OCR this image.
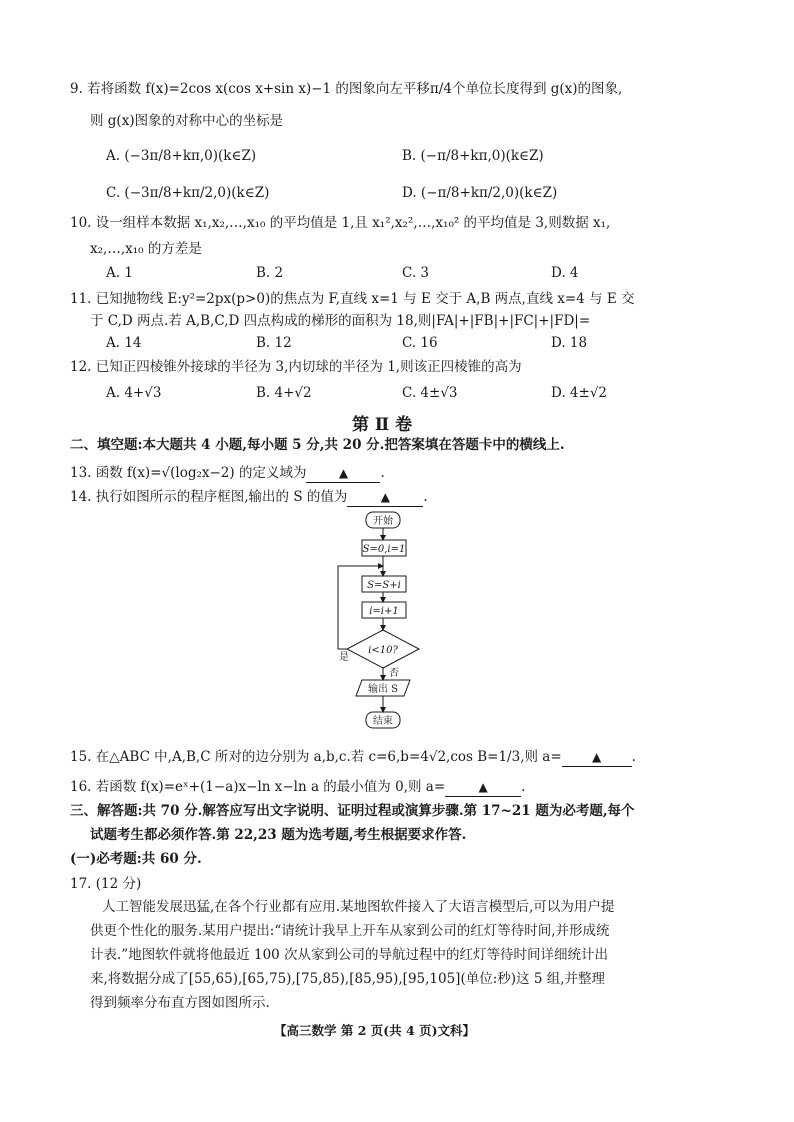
9. 若将函数 f(x)=2cos x(cos x+sin x)−1 的图象向左平移π/4个单位长度得到 g(x)的图象,
则 g(x)图象的对称中心的坐标是
A. (−3π/8+kπ,0)(k∈Z)	B. (−π/8+kπ,0)(k∈Z)
C. (−3π/8+kπ/2,0)(k∈Z)	D. (−π/8+kπ/2,0)(k∈Z)
10. 设一组样本数据 x₁,x₂,…,x₁₀ 的平均值是 1,且 x₁²,x₂²,…,x₁₀² 的平均值是 3,则数据 x₁,
x₂,…,x₁₀ 的方差是
A. 1	B. 2	C. 3	D. 4
11. 已知抛物线 E:y²=2px(p>0)的焦点为 F,直线 x=1 与 E 交于 A,B 两点,直线 x=4 与 E 交
于 C,D 两点.若 A,B,C,D 四点构成的梯形的面积为 18,则|FA|+|FB|+|FC|+|FD|=
A. 14	B. 12	C. 16	D. 18
12. 已知正四棱锥外接球的半径为 3,内切球的半径为 1,则该正四棱锥的高为
A. 4+√3	B. 4+√2	C. 4±√3	D. 4±√2
第 Ⅱ 卷
二、填空题:本大题共 4 小题,每小题 5 分,共 20 分.把答案填在答题卡中的横线上.
13. 函数 f(x)=√(log₂x−2) 的定义域为	▲ .
14. 执行如图所示的程序框图,输出的 S 的值为	▲ .
开始
S=0,i=1
S=S+i
i=i+1
i<10?
是
否
输出 S
结束
15. 在△ABC 中,A,B,C 所对的边分别为 a,b,c.若 c=6,b=4√2,cos B=1/3,则 a=	▲ .
16. 若函数 f(x)=eˣ+(1−a)x−ln x−ln a 的最小值为 0,则 a=	▲ .
三、解答题:共 70 分.解答应写出文字说明、证明过程或演算步骤.第 17~21 题为必考题,每个
试题考生都必须作答.第 22,23 题为选考题,考生根据要求作答.
(一)必考题:共 60 分.
17. (12 分)
人工智能发展迅猛,在各个行业都有应用.某地图软件接入了大语言模型后,可以为用户提
供更个性化的服务.某用户提出:“请统计我早上开车从家到公司的红灯等待时间,并形成统
计表.”地图软件就将他最近 100 次从家到公司的导航过程中的红灯等待时间详细统计出
来,将数据分成了[55,65),[65,75),[75,85),[85,95),[95,105](单位:秒)这 5 组,并整理
得到频率分布直方图如图所示.
【高三数学 第 2 页(共 4 页)文科】
